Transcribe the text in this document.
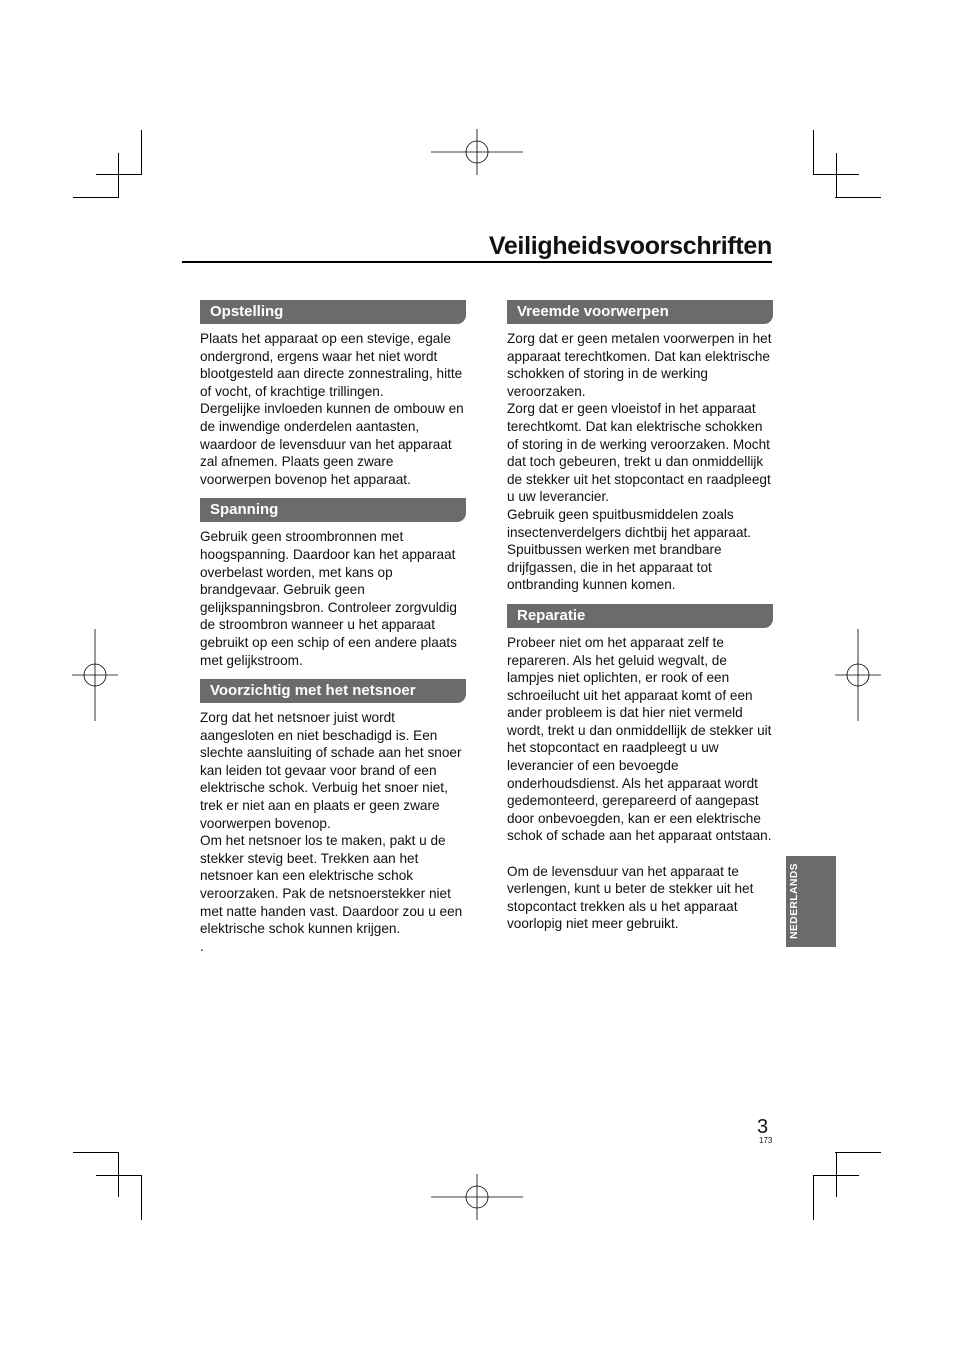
Veiligheidsvoorschriften
Opstelling

Plaats het apparaat op een stevige, egale ondergrond, ergens waar het niet wordt blootgesteld aan directe zonnestraling, hitte of vocht, of krachtige trillingen.

Dergelijke invloeden kunnen de ombouw en de inwendige onderdelen aantasten, waardoor de levensduur van het apparaat zal afnemen. Plaats geen zware voorwerpen bovenop het apparaat.

Spanning

Gebruik geen stroombronnen met hoogspanning. Daardoor kan het apparaat overbelast worden, met kans op brandgevaar. Gebruik geen gelijkspanningsbron. Controleer zorgvuldig de stroombron wanneer u het apparaat gebruikt op een schip of een andere plaats met gelijkstroom.

Voorzichtig met het netsnoer

Zorg dat het netsnoer juist wordt aangesloten en niet beschadigd is. Een slechte aansluiting of schade aan het snoer kan leiden tot gevaar voor brand of een elektrische schok. Verbuig het snoer niet, trek er niet aan en plaats er geen zware voorwerpen bovenop.

Om het netsnoer los te maken, pakt u de stekker stevig beet. Trekken aan het netsnoer kan een elektrische schok veroorzaken. Pak de netsnoerstekker niet met natte handen vast. Daardoor zou u een elektrische schok kunnen krijgen.

.

Vreemde voorwerpen

Zorg dat er geen metalen voorwerpen in het apparaat terechtkomen. Dat kan elektrische schokken of storing in de werking veroorzaken.

Zorg dat er geen vloeistof in het apparaat terechtkomt. Dat kan elektrische schokken of storing in de werking veroorzaken. Mocht dat toch gebeuren, trekt u dan onmiddellijk de stekker uit het stopcontact en raadpleegt u uw leverancier.

Gebruik geen spuitbusmiddelen zoals insectenverdelgers dichtbij het apparaat. Spuitbussen werken met brandbare drijfgassen, die in het apparaat tot ontbranding kunnen komen.

Reparatie

Probeer niet om het apparaat zelf te repareren. Als het geluid wegvalt, de lampjes niet oplichten, er rook of een schroeilucht uit het apparaat komt of een ander probleem is dat hier niet vermeld wordt, trekt u dan onmiddellijk de stekker uit het stopcontact en raadpleegt u uw leverancier of een bevoegde onderhoudsdienst. Als het apparaat wordt gedemonteerd, gerepareerd of aangepast door onbevoegden, kan er een elektrische schok of schade aan het apparaat ontstaan.

Om de levensduur van het apparaat te verlengen, kunt u beter de stekker uit het stopcontact trekken als u het apparaat voorlopig niet meer gebruikt.	NEDERLANDS

3

173
